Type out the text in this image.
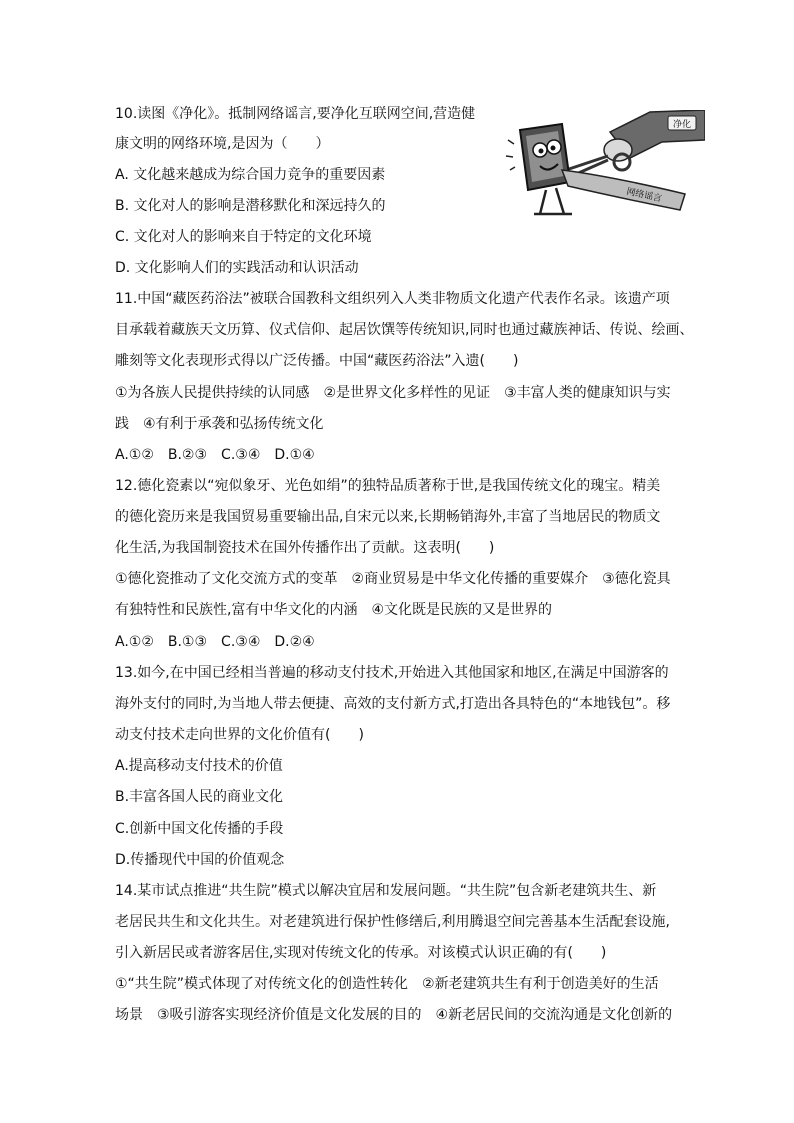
10.读图《净化》。抵制网络谣言,要净化互联网空间,营造健
康文明的网络环境,是因为（　　）
A. 文化越来越成为综合国力竞争的重要因素
B. 文化对人的影响是潜移默化和深远持久的
C. 文化对人的影响来自于特定的文化环境
D. 文化影响人们的实践活动和认识活动
净化
网络谣言
11.中国“藏医药浴法”被联合国教科文组织列入人类非物质文化遗产代表作名录。该遗产项
目承载着藏族天文历算、仪式信仰、起居饮馔等传统知识,同时也通过藏族神话、传说、绘画、
雕刻等文化表现形式得以广泛传播。中国“藏医药浴法”入遗(　　)
①为各族人民提供持续的认同感　②是世界文化多样性的见证　③丰富人类的健康知识与实
践　④有利于承袭和弘扬传统文化
A.①②　B.②③　C.③④　D.①④
12.德化瓷素以“宛似象牙、光色如绢”的独特品质著称于世,是我国传统文化的瑰宝。精美
的德化瓷历来是我国贸易重要输出品,自宋元以来,长期畅销海外,丰富了当地居民的物质文
化生活,为我国制瓷技术在国外传播作出了贡献。这表明(　　)
①德化瓷推动了文化交流方式的变革　②商业贸易是中华文化传播的重要媒介　③德化瓷具
有独特性和民族性,富有中华文化的内涵　④文化既是民族的又是世界的
A.①②　B.①③　C.③④　D.②④
13.如今,在中国已经相当普遍的移动支付技术,开始进入其他国家和地区,在满足中国游客的
海外支付的同时,为当地人带去便捷、高效的支付新方式,打造出各具特色的“本地钱包”。移
动支付技术走向世界的文化价值有(　　)
A.提高移动支付技术的价值
B.丰富各国人民的商业文化
C.创新中国文化传播的手段
D.传播现代中国的价值观念
14.某市试点推进“共生院”模式以解决宜居和发展问题。“共生院”包含新老建筑共生、新
老居民共生和文化共生。对老建筑进行保护性修缮后,利用腾退空间完善基本生活配套设施,
引入新居民或者游客居住,实现对传统文化的传承。对该模式认识正确的有(　　)
①“共生院”模式体现了对传统文化的创造性转化　②新老建筑共生有利于创造美好的生活
场景　③吸引游客实现经济价值是文化发展的目的　④新老居民间的交流沟通是文化创新的
